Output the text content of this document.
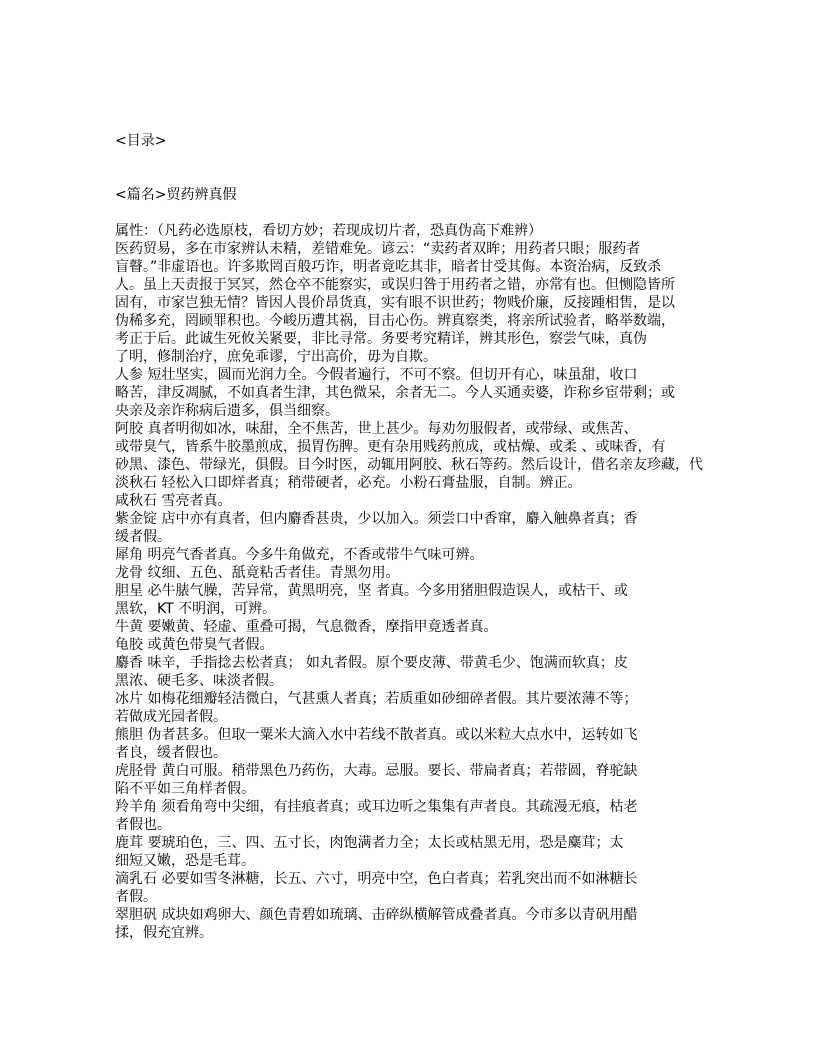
<目录>
<篇名>贸药辨真假
属性：（凡药必选原枝，看切方妙；若现成切片者，恐真伪高下难辨）
医药贸易，多在市家辨认未精，差错难免。谚云：“卖药者双眸；用药者只眼；服药者
盲瞽。”非虚语也。许多欺罔百般巧诈，明者竟吃其非，暗者甘受其侮。本资治病，反致杀
人。虽上天责报于冥冥，然仓卒不能察实，或误归咎于用药者之错，亦常有也。但恻隐皆所
固有，市家岂独无情？皆因人畏价昂货真，实有眼不识世药；物贱价廉，反接踵相售，是以
伪稀多充，罔顾罪积也。今峻历遭其祸，目击心伤。辨真察类，将亲所试验者，略举数端，
考正于后。此诚生死攸关紧要，非比寻常。务要考究精详，辨其形色，察尝气味，真伪
了明，修制治疗，庶免乖谬，宁出高价，毋为自欺。
人参 短壮坚实，圆而光润力全。今假者遍行，不可不察。但切开有心，味虽甜，收口
略苦，津反凋腻，不如真者生津，其色微呆，余者无二。今人买通卖婆，诈称乡宦带剩；或
央亲及亲诈称病后遗多，俱当细察。
阿胶 真者明彻如冰，味甜，全不焦苦，世上甚少。每劝勿服假者，或带绿、或焦苦、
或带臭气，皆系牛胶墨煎成，损胃伤脾。更有杂用贱药煎成，或枯燥、或柔 、或味香，有
砂黑、漆色、带绿光，俱假。目今时医，动辄用阿胶、秋石等药。然后设计，借名亲友珍藏，代
淡秋石 轻松入口即烊者真；稍带硬者，必充。小粉石膏盐服，自制。辨正。
咸秋石 雪亮者真。
紫金锭 店中亦有真者，但内麝香甚贵，少以加入。须尝口中香窜，麝入触鼻者真；香
缓者假。
犀角 明亮气香者真。今多牛角做充，不香或带牛气味可辨。
龙骨 纹细、五色、舐竟粘舌者佳。青黑勿用。
胆星 必牛脿气臊，苦异常，黄黑明亮，坚 者真。今多用猪胆假造误人，或枯干、或
黑软，KT 不明润，可辨。
牛黄 要嫩黄、轻虚、重叠可揭，气息微香，摩指甲竟透者真。
龟胶 或黄色带臭气者假。
麝香 味辛，手指捻去松者真； 如丸者假。原个要皮薄、带黄毛少、饱满而软真；皮
黑浓、硬毛多、味淡者假。
冰片 如梅花细瓣轻洁微白，气甚熏人者真；若质重如砂细碎者假。其片要浓薄不等；
若做成光园者假。
熊胆 伪者甚多。但取一粟米大滴入水中若线不散者真。或以米粒大点水中，运转如飞
者良，缓者假也。
虎胫骨 黄白可服。稍带黑色乃药伤，大毒。忌服。要长、带扁者真；若带圆，脊驼缺
陷不平如三角样者假。
羚羊角 须看角弯中尖细，有挂痕者真；或耳边听之集集有声者良。其疏漫无痕，枯老
者假也。
鹿茸 要琥珀色，三、四、五寸长，肉饱满者力全；太长或枯黑无用，恐是麋茸；太
细短又嫩，恐是毛茸。
滴乳石 必要如雪冬淋糖，长五、六寸，明亮中空，色白者真；若乳突出而不如淋糖长
者假。
翠胆矾 成块如鸡卵大、颜色青碧如琉璃、击碎纵横解管成叠者真。今市多以青矾用醋
揉，假充宜辨。
